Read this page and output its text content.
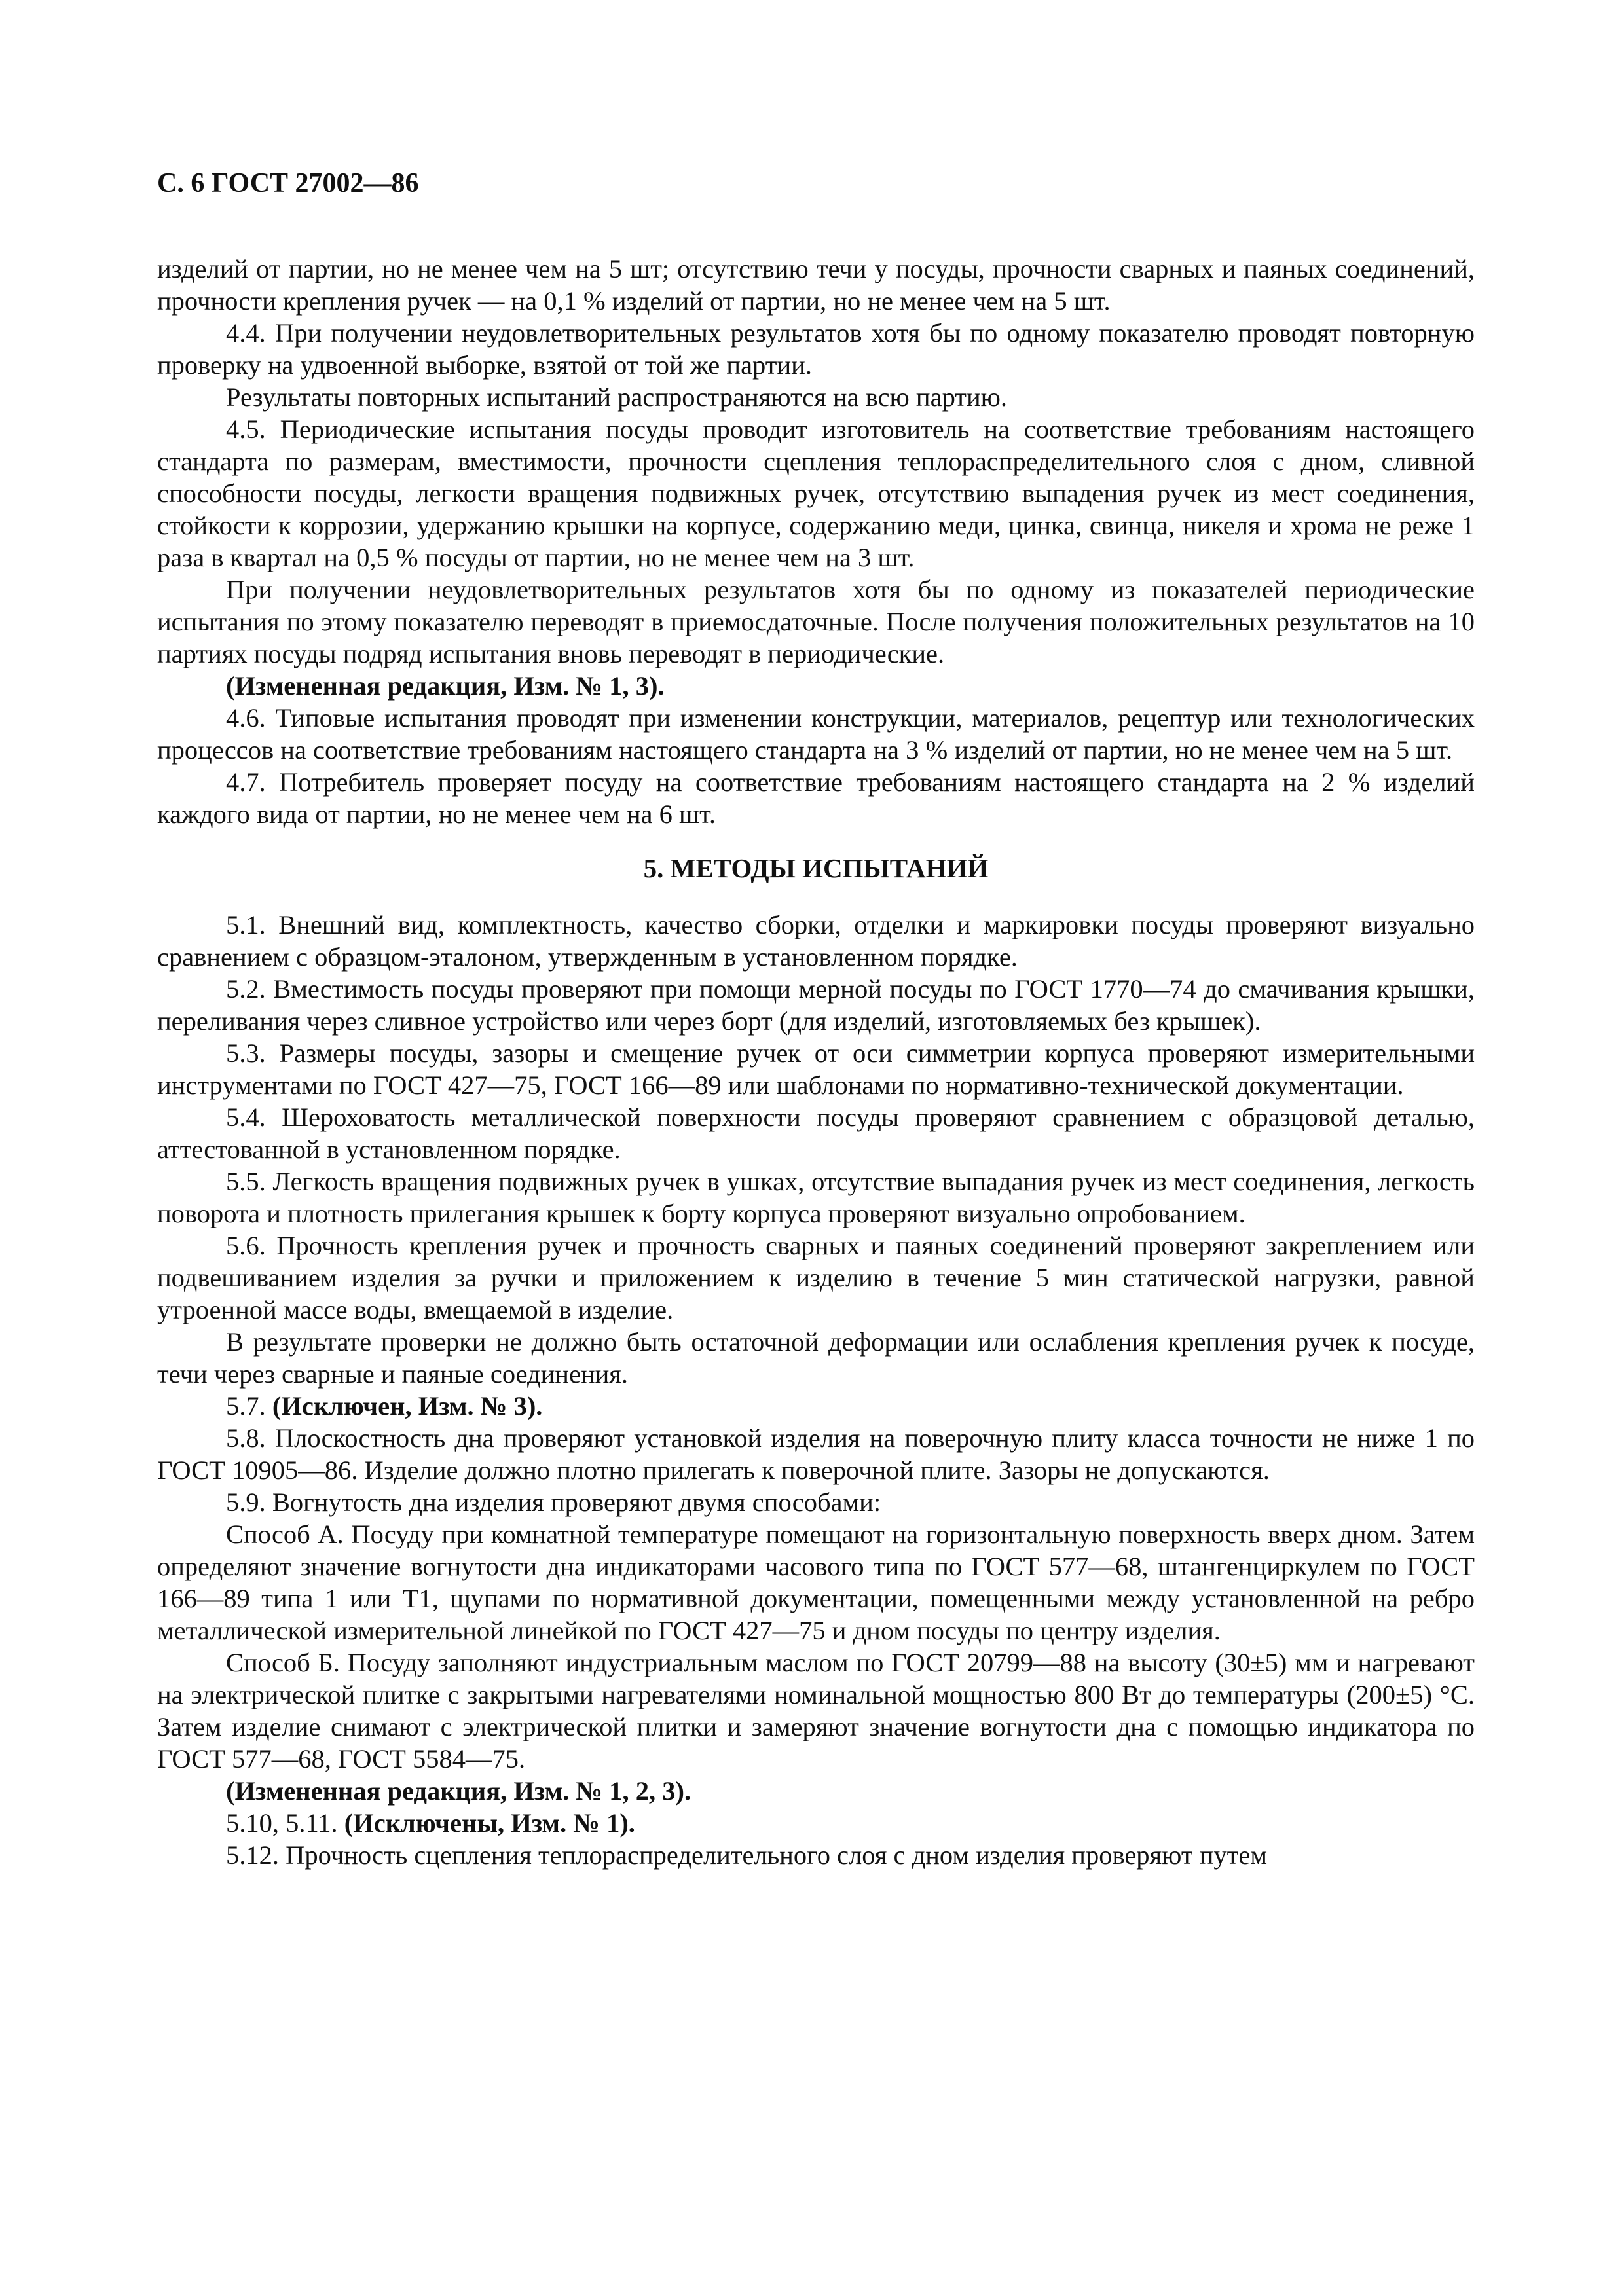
С. 6 ГОСТ 27002—86

изделий от партии, но не менее чем на 5 шт; отсутствию течи у посуды, прочности сварных и паяных соединений, прочности крепления ручек — на 0,1 % изделий от партии, но не менее чем на 5 шт.

4.4. При получении неудовлетворительных результатов хотя бы по одному показателю проводят повторную проверку на удвоенной выборке, взятой от той же партии.

Результаты повторных испытаний распространяются на всю партию.

4.5. Периодические испытания посуды проводит изготовитель на соответствие требованиям настоящего стандарта по размерам, вместимости, прочности сцепления теплораспределительного слоя с дном, сливной способности посуды, легкости вращения подвижных ручек, отсутствию выпадения ручек из мест соединения, стойкости к коррозии, удержанию крышки на корпусе, содержанию меди, цинка, свинца, никеля и хрома не реже 1 раза в квартал на 0,5 % посуды от партии, но не менее чем на 3 шт.

При получении неудовлетворительных результатов хотя бы по одному из показателей периодические испытания по этому показателю переводят в приемосдаточные. После получения положительных результатов на 10 партиях посуды подряд испытания вновь переводят в периодические.

(Измененная редакция, Изм. № 1, 3).

4.6. Типовые испытания проводят при изменении конструкции, материалов, рецептур или технологических процессов на соответствие требованиям настоящего стандарта на 3 % изделий от партии, но не менее чем на 5 шт.

4.7. Потребитель проверяет посуду на соответствие требованиям настоящего стандарта на 2 % изделий каждого вида от партии, но не менее чем на 6 шт.

5. МЕТОДЫ ИСПЫТАНИЙ

5.1. Внешний вид, комплектность, качество сборки, отделки и маркировки посуды проверяют визуально сравнением с образцом-эталоном, утвержденным в установленном порядке.

5.2. Вместимость посуды проверяют при помощи мерной посуды по ГОСТ 1770—74 до смачивания крышки, переливания через сливное устройство или через борт (для изделий, изготовляемых без крышек).

5.3. Размеры посуды, зазоры и смещение ручек от оси симметрии корпуса проверяют измерительными инструментами по ГОСТ 427—75, ГОСТ 166—89 или шаблонами по нормативно-технической документации.

5.4. Шероховатость металлической поверхности посуды проверяют сравнением с образцовой деталью, аттестованной в установленном порядке.

5.5. Легкость вращения подвижных ручек в ушках, отсутствие выпадания ручек из мест соединения, легкость поворота и плотность прилегания крышек к борту корпуса проверяют визуально опробованием.

5.6. Прочность крепления ручек и прочность сварных и паяных соединений проверяют закреплением или подвешиванием изделия за ручки и приложением к изделию в течение 5 мин статической нагрузки, равной утроенной массе воды, вмещаемой в изделие.

В результате проверки не должно быть остаточной деформации или ослабления крепления ручек к посуде, течи через сварные и паяные соединения.

5.7. (Исключен, Изм. № 3).

5.8. Плоскостность дна проверяют установкой изделия на поверочную плиту класса точности не ниже 1 по ГОСТ 10905—86. Изделие должно плотно прилегать к поверочной плите. Зазоры не допускаются.

5.9. Вогнутость дна изделия проверяют двумя способами:

Способ А. Посуду при комнатной температуре помещают на горизонтальную поверхность вверх дном. Затем определяют значение вогнутости дна индикаторами часового типа по ГОСТ 577—68, штангенциркулем по ГОСТ 166—89 типа 1 или Т1, щупами по нормативной документации, помещенными между установленной на ребро металлической измерительной линейкой по ГОСТ 427—75 и дном посуды по центру изделия.

Способ Б. Посуду заполняют индустриальным маслом по ГОСТ 20799—88 на высоту (30±5) мм и нагревают на электрической плитке с закрытыми нагревателями номинальной мощностью 800 Вт до температуры (200±5) °С. Затем изделие снимают с электрической плитки и замеряют значение вогнутости дна с помощью индикатора по ГОСТ 577—68, ГОСТ 5584—75.

(Измененная редакция, Изм. № 1, 2, 3).

5.10, 5.11. (Исключены, Изм. № 1).

5.12. Прочность сцепления теплораспределительного слоя с дном изделия проверяют путем
